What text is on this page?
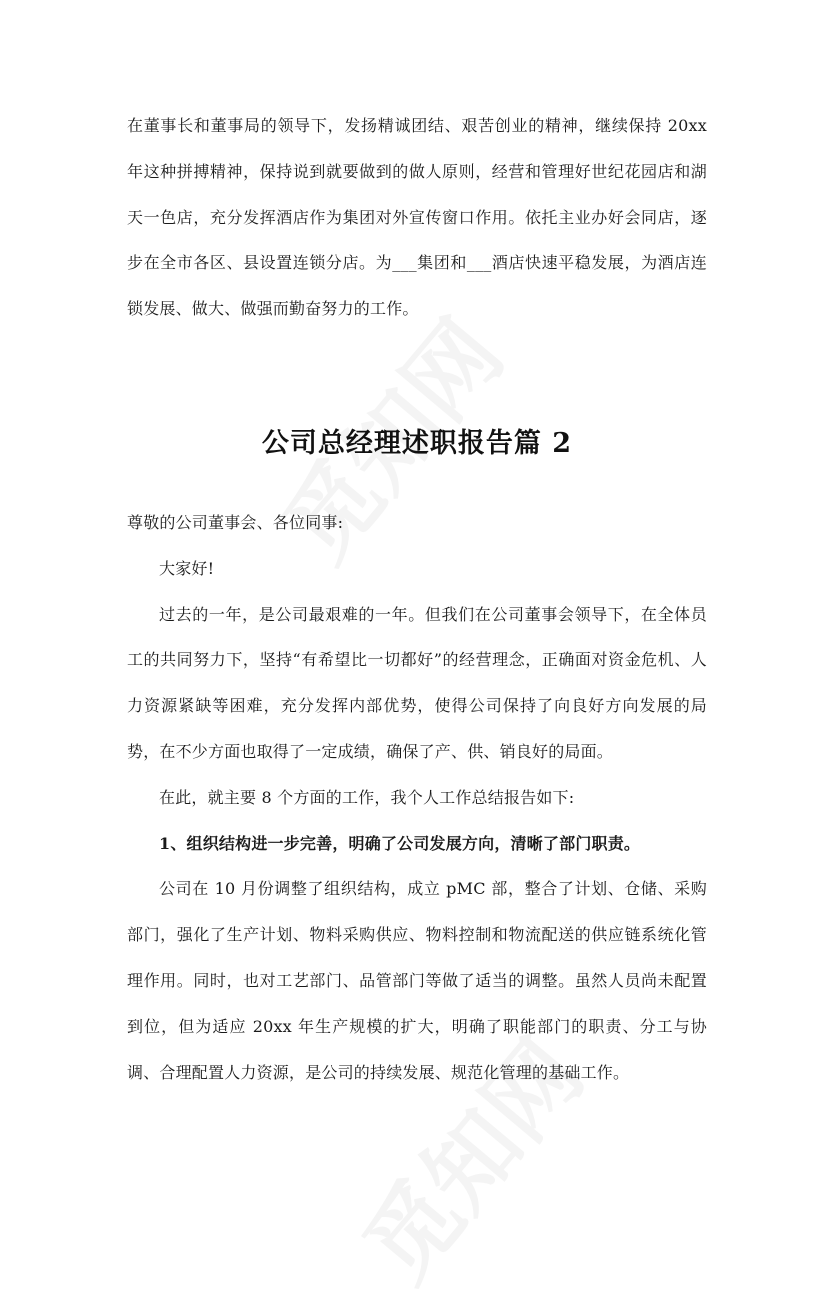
在董事长和董事局的领导下，发扬精诚团结、艰苦创业的精神，继续保持 20xx 年这种拼搏精神，保持说到就要做到的做人原则，经营和管理好世纪花园店和湖天一色店，充分发挥酒店作为集团对外宣传窗口作用。依托主业办好会同店，逐步在全市各区、县设置连锁分店。为___集团和___酒店快速平稳发展，为酒店连锁发展、做大、做强而勤奋努力的工作。

公司总经理述职报告篇 2

尊敬的公司董事会、各位同事:

大家好!

过去的一年，是公司最艰难的一年。但我们在公司董事会领导下，在全体员工的共同努力下，坚持“有希望比一切都好”的经营理念，正确面对资金危机、人力资源紧缺等困难，充分发挥内部优势，使得公司保持了向良好方向发展的局势，在不少方面也取得了一定成绩，确保了产、供、销良好的局面。

在此，就主要 8 个方面的工作，我个人工作总结报告如下:

1、组织结构进一步完善，明确了公司发展方向，清晰了部门职责。

公司在 10 月份调整了组织结构，成立 pMC 部，整合了计划、仓储、采购部门，强化了生产计划、物料采购供应、物料控制和物流配送的供应链系统化管理作用。同时，也对工艺部门、品管部门等做了适当的调整。虽然人员尚未配置到位，但为适应 20xx 年生产规模的扩大，明确了职能部门的职责、分工与协调、合理配置人力资源，是公司的持续发展、规范化管理的基础工作。
